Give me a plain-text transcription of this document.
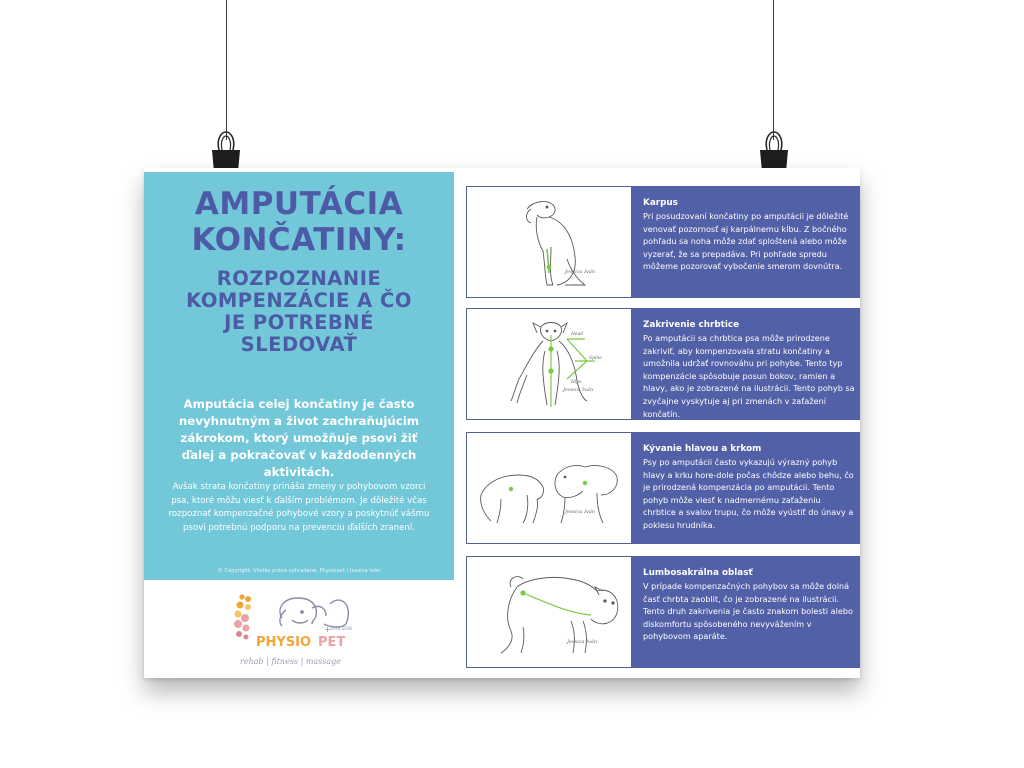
AMPUTÁCIA
KONČATINY:
ROZPOZNANIE
KOMPENZÁCIE A ČO
JE POTREBNÉ
SLEDOVAŤ
Amputácia celej končatiny je často nevyhnutným a život zachraňujúcim zákrokom, ktorý umožňuje psovi žiť ďalej a pokračovať v každodenných aktivitách.
Avšak strata končatiny prináša zmeny v pohybovom vzorci psa, ktoré môžu viesť k ďalším problémom. Je dôležité včas rozpoznať kompenzačné pohybové vzory a poskytnúť vášmu psovi potrebnú podporu na prevenciu ďalších zranení.
© Copyright. Všetky práva vyhradené. Physiopet | Jessica Iván
since 2018
PHYSIO PET
+
rehab | fitness | massage
Jessica Iván
Karpus
Pri posudzovaní končatiny po amputácii je dôležité venovať pozornosť aj karpálnemu kĺbu. Z bočného pohľadu sa noha môže zdať sploštená alebo môže vyzerať, že sa prepadáva. Pri pohľade spredu môžeme pozorovať vybočenie smerom dovnútra.
Head
Spine
Hips
Jessica Iván
Zakrivenie chrbtice
Po amputácii sa chrbtica psa môže prirodzene zakriviť, aby kompenzovala stratu končatiny a umožnila udržať rovnováhu pri pohybe. Tento typ kompenzácie spôsobuje posun bokov, ramien a hlavy, ako je zobrazené na ilustrácii. Tento pohyb sa zvyčajne vyskytuje aj pri zmenách v zaťažení končatín.
Jessica Iván
Kývanie hlavou a krkom
Psy po amputácii často vykazujú výrazný pohyb hlavy a krku hore-dole počas chôdze alebo behu, čo je prirodzená kompenzácia po amputácii. Tento pohyb môže viesť k nadmernému zaťaženiu chrbtice a svalov trupu, čo môže vyústiť do únavy a poklesu hrudníka.
Jessica Iván
Lumbosakrálna oblasť
V prípade kompenzačných pohybov sa môže dolná časť chrbta zaoblit, čo je zobrazené na ilustrácii. Tento druh zakrivenia je často znakom bolesti alebo diskomfortu spôsobeného nevyvážením v pohybovom aparáte.
